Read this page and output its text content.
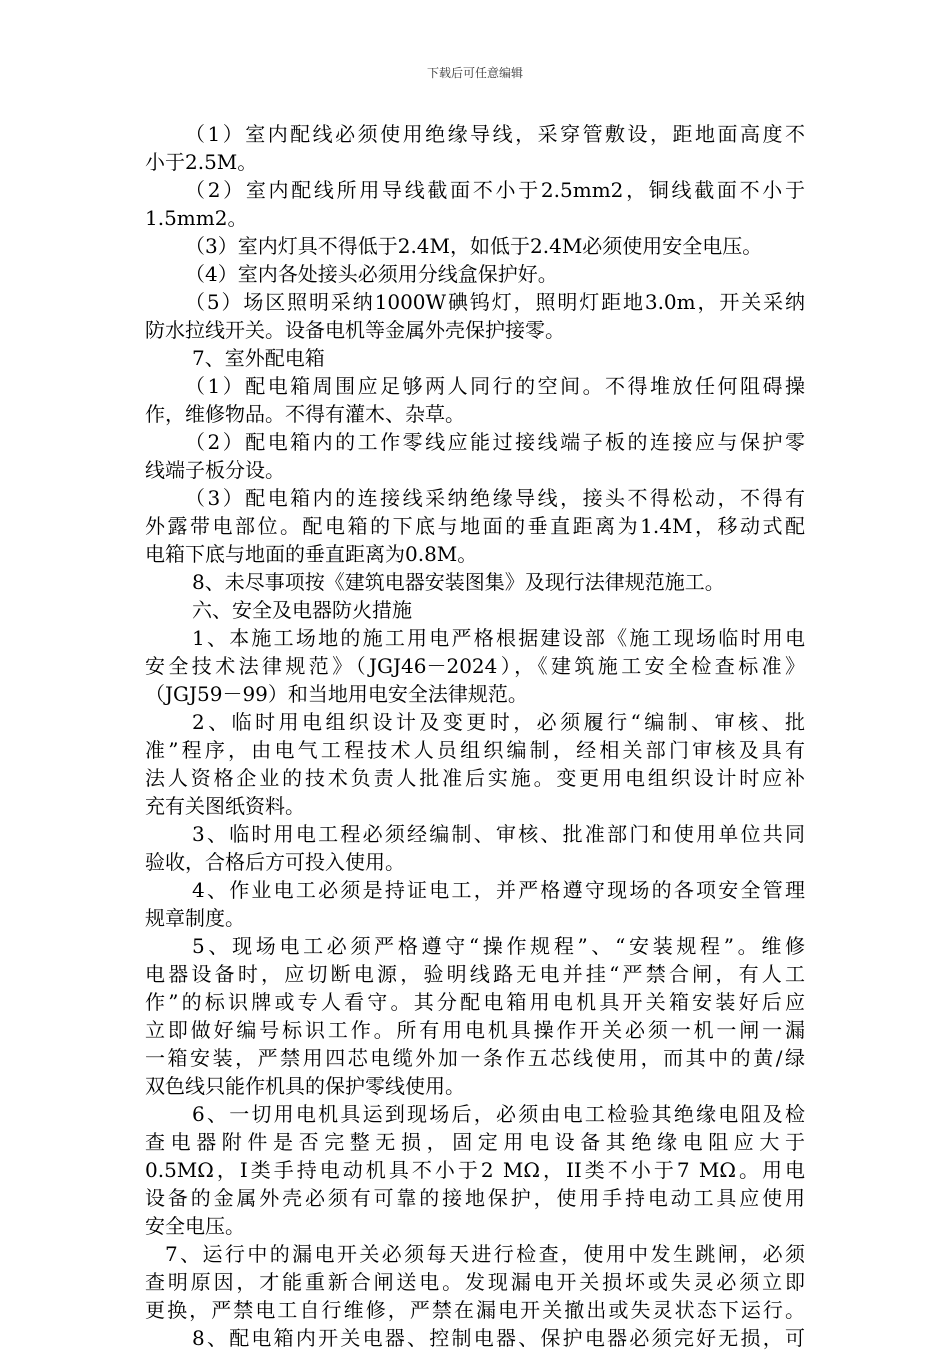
下载后可任意编辑
（1）室内配线必须使用绝缘导线，采穿管敷设，距地面高度不
小于2.5M。
（2）室内配线所用导线截面不小于2.5mm2，铜线截面不小于
1.5mm2。
（3）室内灯具不得低于2.4M，如低于2.4M必须使用安全电压。
（4）室内各处接头必须用分线盒保护好。
（5）场区照明采纳1000W碘钨灯，照明灯距地3.0m，开关采纳
防水拉线开关。设备电机等金属外壳保护接零。
7、室外配电箱
（1）配电箱周围应足够两人同行的空间。不得堆放任何阻碍操
作，维修物品。不得有灌木、杂草。
（2）配电箱内的工作零线应能过接线端子板的连接应与保护零
线端子板分设。
（3）配电箱内的连接线采纳绝缘导线，接头不得松动，不得有
外露带电部位。配电箱的下底与地面的垂直距离为1.4M，移动式配
电箱下底与地面的垂直距离为0.8M。
8、未尽事项按《建筑电器安装图集》及现行法律规范施工。
六、安全及电器防火措施
1、本施工场地的施工用电严格根据建设部《施工现场临时用电
安全技术法律规范》（JGJ46－2024），《建筑施工安全检查标准》
（JGJ59－99）和当地用电安全法律规范。
2、临时用电组织设计及变更时，必须履行“编制、审核、批
准”程序，由电气工程技术人员组织编制，经相关部门审核及具有
法人资格企业的技术负责人批准后实施。变更用电组织设计时应补
充有关图纸资料。
3、临时用电工程必须经编制、审核、批准部门和使用单位共同
验收，合格后方可投入使用。
4、作业电工必须是持证电工，并严格遵守现场的各项安全管理
规章制度。
5、现场电工必须严格遵守“操作规程”、“安装规程”。维修
电器设备时，应切断电源，验明线路无电并挂“严禁合闸，有人工
作”的标识牌或专人看守。其分配电箱用电机具开关箱安装好后应
立即做好编号标识工作。所有用电机具操作开关必须一机一闸一漏
一箱安装，严禁用四芯电缆外加一条作五芯线使用，而其中的黄/绿
双色线只能作机具的保护零线使用。
6、一切用电机具运到现场后，必须由电工检验其绝缘电阻及检
查电器附件是否完整无损，固定用电设备其绝缘电阻应大于
0.5MΩ，I类手持电动机具不小于2 MΩ，II类不小于7 MΩ。用电
设备的金属外壳必须有可靠的接地保护，使用手持电动工具应使用
安全电压。
7、运行中的漏电开关必须每天进行检查，使用中发生跳闸，必须
查明原因，才能重新合闸送电。发现漏电开关损坏或失灵必须立即
更换，严禁电工自行维修，严禁在漏电开关撤出或失灵状态下运行。
8、配电箱内开关电器、控制电器、保护电器必须完好无损，可
